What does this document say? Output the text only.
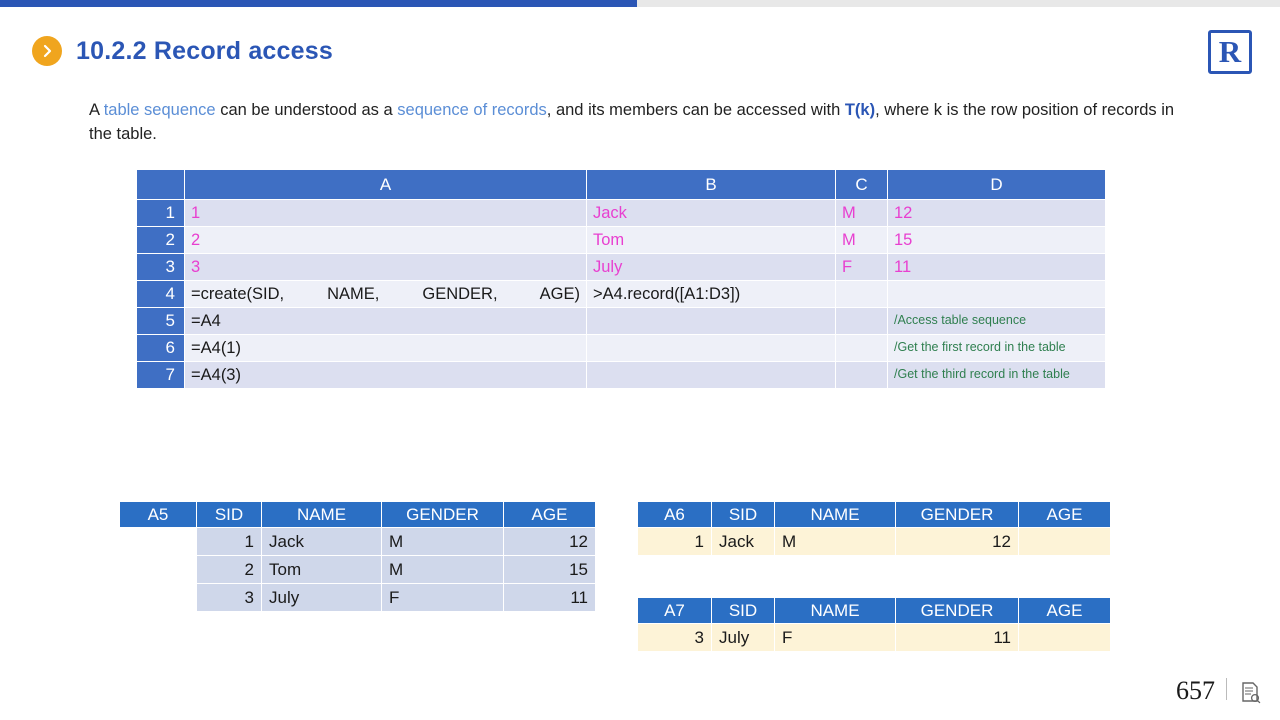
10.2.2 Record access	R
A table sequence can be understood as a sequence of records, and its members can be accessed with T(k), where k is the row position of records in the table.
	A	B	C	D
1	1	Jack	M	12
2	2	Tom	M	15
3	3	July	F	11
4	=create(SID, NAME, GENDER, AGE)	>A4.record([A1:D3])		
5	=A4			/Access table sequence
6	=A4(1)			/Get the first record in the table
7	=A4(3)			/Get the third record in the table
A5	SID	NAME	GENDER	AGE
	1	Jack	M	12
	2	Tom	M	15
	3	July	F	11
A6	SID	NAME	GENDER	AGE
1	Jack	M	12	
A7	SID	NAME	GENDER	AGE
3	July	F	11	
657
